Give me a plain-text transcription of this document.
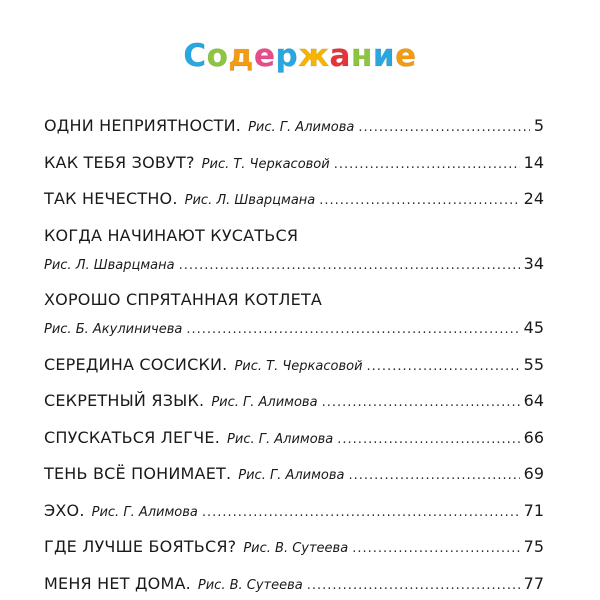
Содержание
ОДНИ НЕПРИЯТНОСТИ. Рис. Г. Алимова .....	5
КАК ТЕБЯ ЗОВУТ? Рис. Т. Черкасовой .....	14
ТАК НЕЧЕСТНО. Рис. Л. Шварцмана .....	24
КОГДА НАЧИНАЮТ КУСАТЬСЯ
Рис. Л. Шварцмана .....	34
ХОРОШО СПРЯТАННАЯ КОТЛЕТА
Рис. Б. Акулиничева .....	45
СЕРЕДИНА СОСИСКИ. Рис. Т. Черкасовой .....	55
СЕКРЕТНЫЙ ЯЗЫК. Рис. Г. Алимова .....	64
СПУСКАТЬСЯ ЛЕГЧЕ. Рис. Г. Алимова .....	66
ТЕНЬ ВСЁ ПОНИМАЕТ. Рис. Г. Алимова .....	69
ЭХО. Рис. Г. Алимова .....	71
ГДЕ ЛУЧШЕ БОЯТЬСЯ? Рис. В. Сутеева .....	75
МЕНЯ НЕТ ДОМА. Рис. В. Сутеева .....	77
